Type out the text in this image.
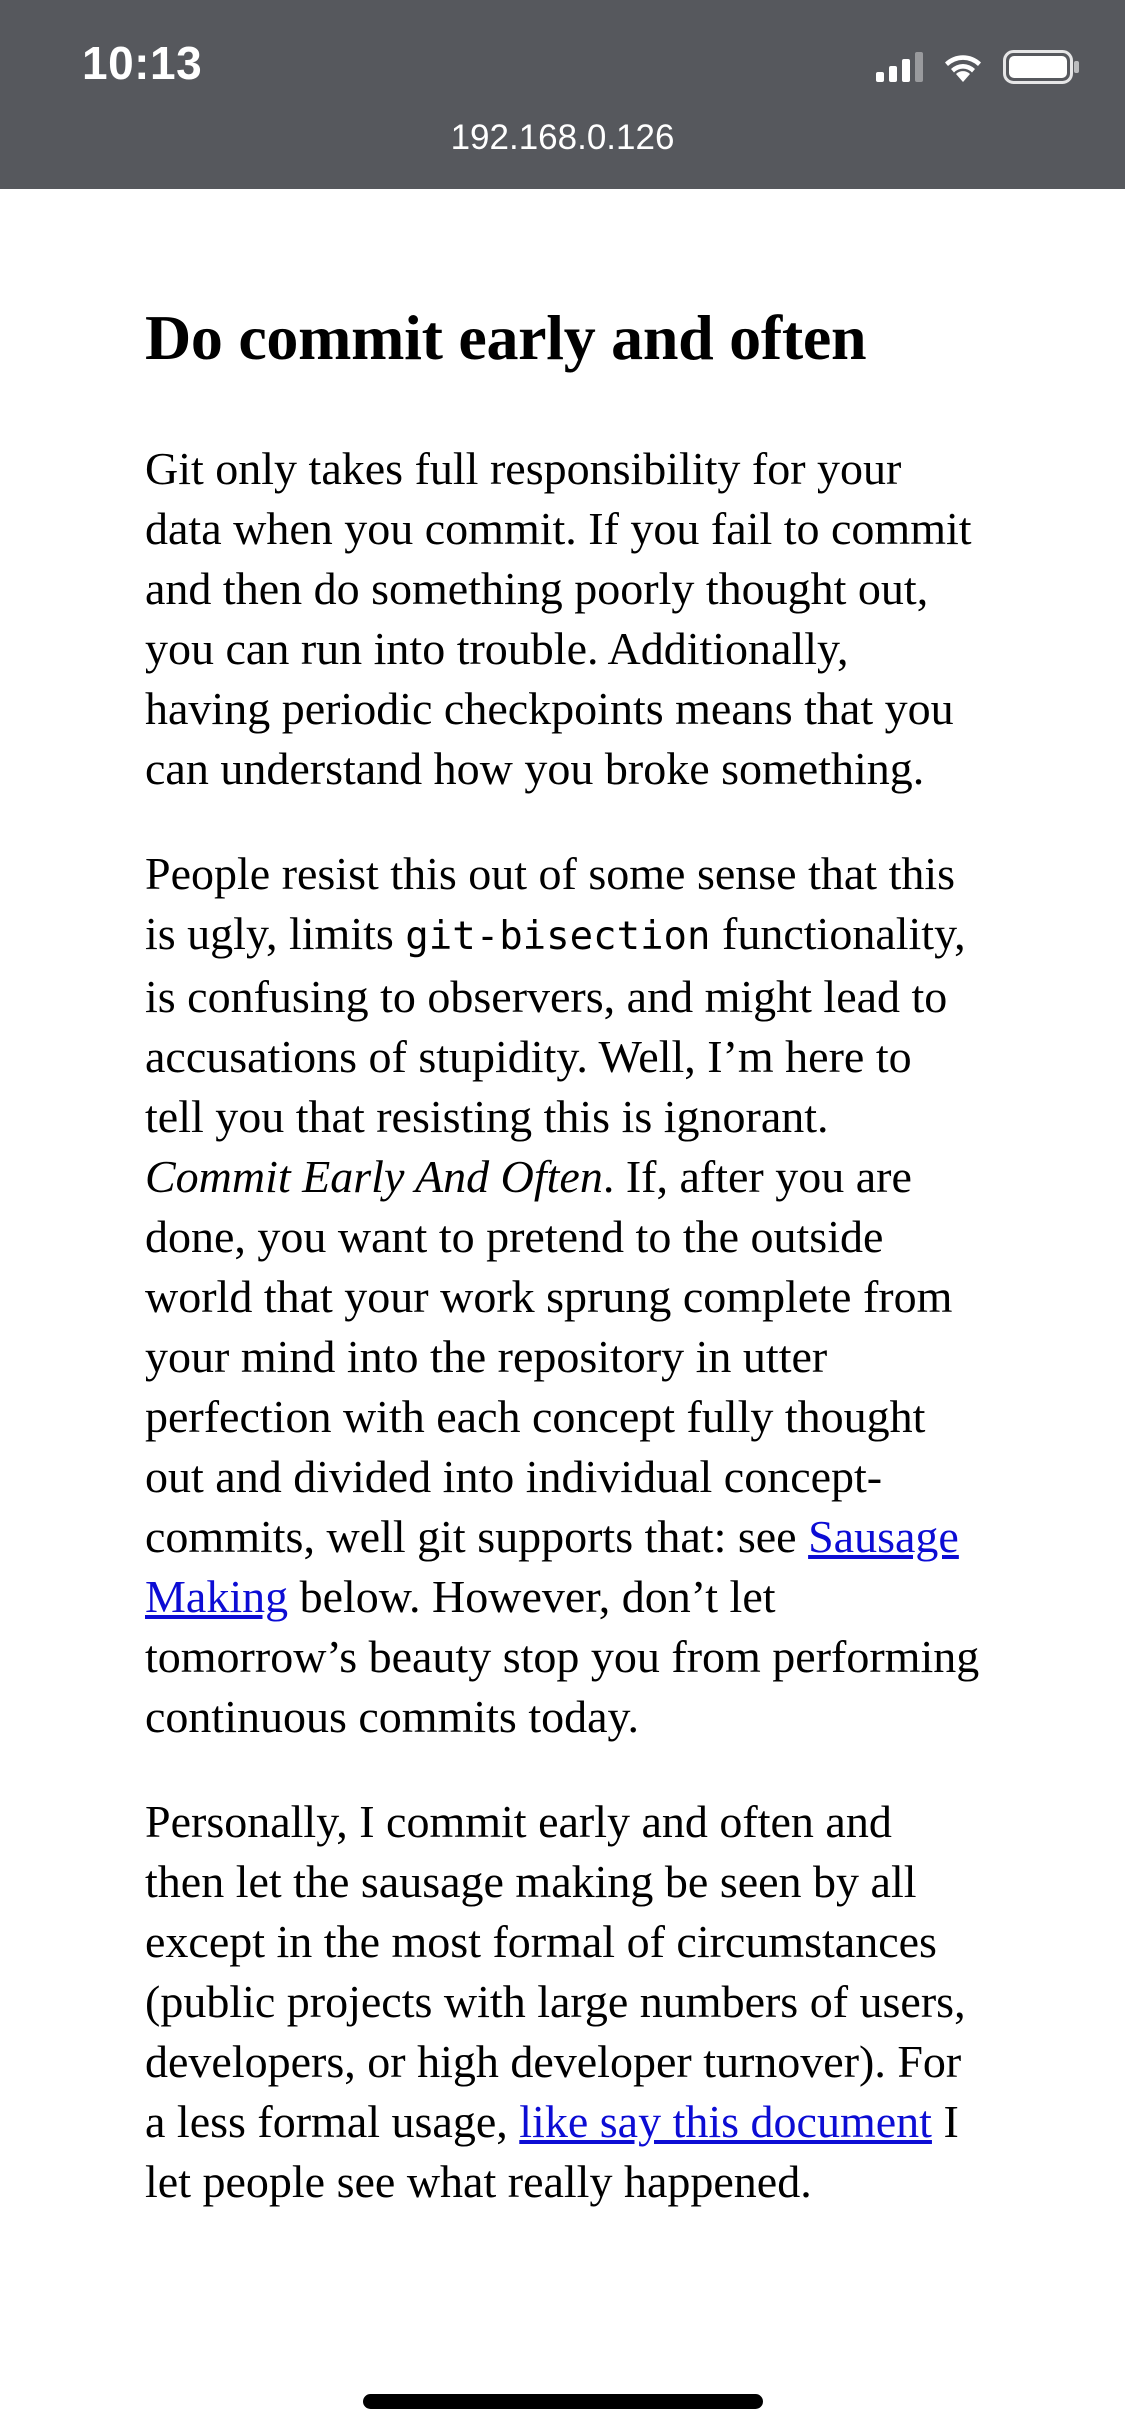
10:13
192.168.0.126
Do commit early and often

Git only takes full responsibility for your data when you commit. If you fail to commit and then do something poorly thought out, you can run into trouble. Additionally, having periodic checkpoints means that you can understand how you broke something.

People resist this out of some sense that this is ugly, limits git-bisection functionality, is confusing to observers, and might lead to accusations of stupidity. Well, I’m here to tell you that resisting this is ignorant. Commit Early And Often. If, after you are done, you want to pretend to the outside world that your work sprung complete from your mind into the repository in utter perfection with each concept fully thought out and divided into individual concept-commits, well git supports that: see Sausage Making below. However, don’t let tomorrow’s beauty stop you from performing continuous commits today.

Personally, I commit early and often and then let the sausage making be seen by all except in the most formal of circumstances (public projects with large numbers of users, developers, or high developer turnover). For a less formal usage, like say this document I let people see what really happened.
